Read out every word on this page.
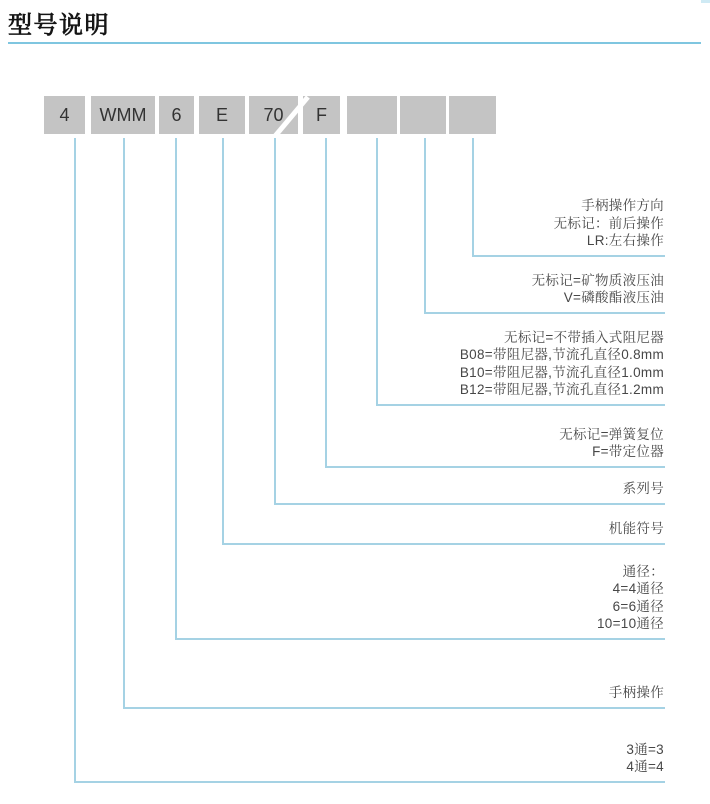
型号说明
4 WMM 6 E 70 F
手柄操作方向
无标记：前后操作
LR:左右操作
无标记=矿物质液压油
V=磷酸酯液压油
无标记=不带插入式阻尼器
B08=带阻尼器,节流孔直径0.8mm
B10=带阻尼器,节流孔直径1.0mm
B12=带阻尼器,节流孔直径1.2mm
无标记=弹簧复位
F=带定位器
系列号
机能符号
通径：
4=4通径
6=6通径
10=10通径
手柄操作
3通=3
4通=4
